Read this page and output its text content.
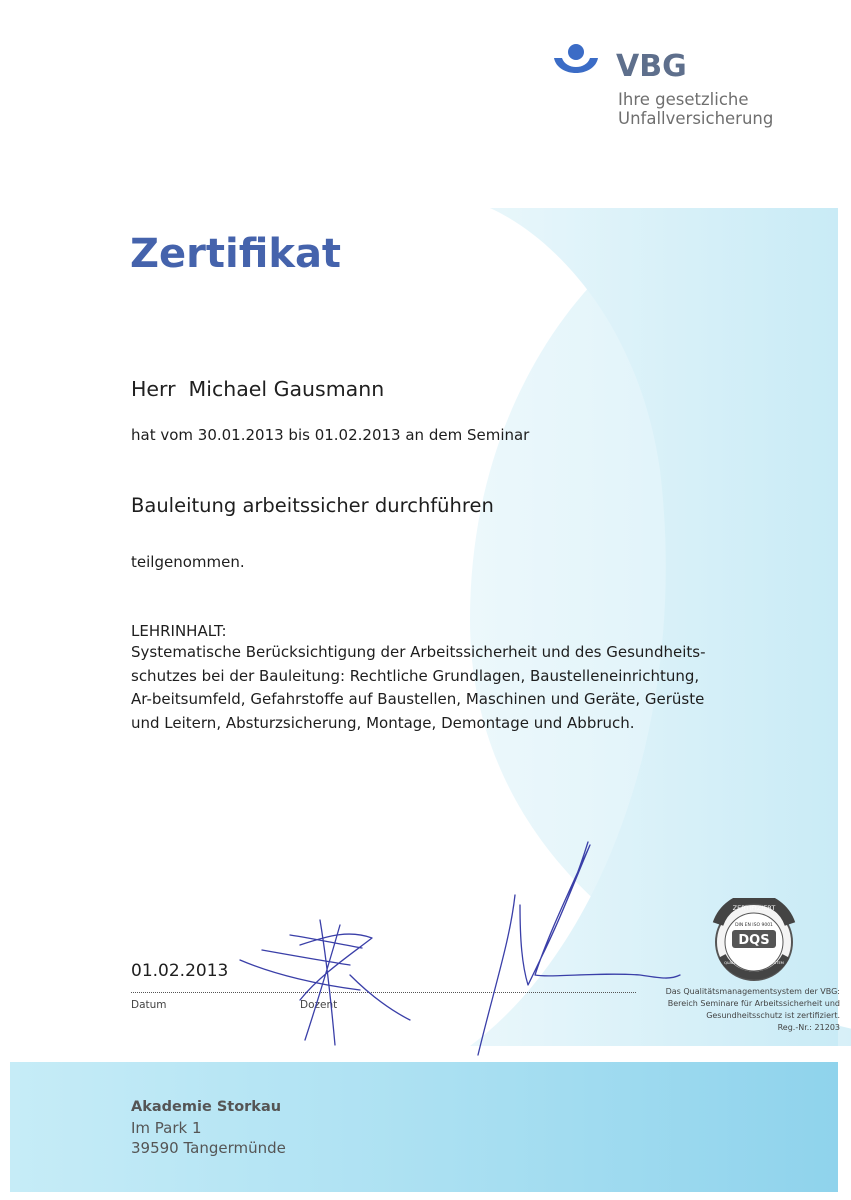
VBG
Ihre gesetzliche
Unfallversicherung
Zertifikat
Herr  Michael Gausmann
hat vom 30.01.2013 bis 01.02.2013 an dem Seminar
Bauleitung arbeitssicher durchführen
teilgenommen.
LEHRINHALT:
Systematische Berücksichtigung der Arbeitssicherheit und des Gesundheits-schutzes bei der Bauleitung: Rechtliche Grundlagen, Baustelleneinrichtung, Ar-beitsumfeld, Gefahrstoffe auf Baustellen, Maschinen und Geräte, Gerüste und Leitern, Absturzsicherung, Montage, Demontage und Abbruch.
01.02.2013
Datum	Dozent
ZERTIFIZIERT
DIN EN ISO 9001
DQS
QUALITÄTSMANAGEMENTSYSTEM
Das Qualitätsmanagementsystem der VBG:
Bereich Seminare für Arbeitssicherheit und
Gesundheitsschutz ist zertifiziert.
Reg.-Nr.: 21203
Akademie Storkau
Im Park 1
39590 Tangermünde
